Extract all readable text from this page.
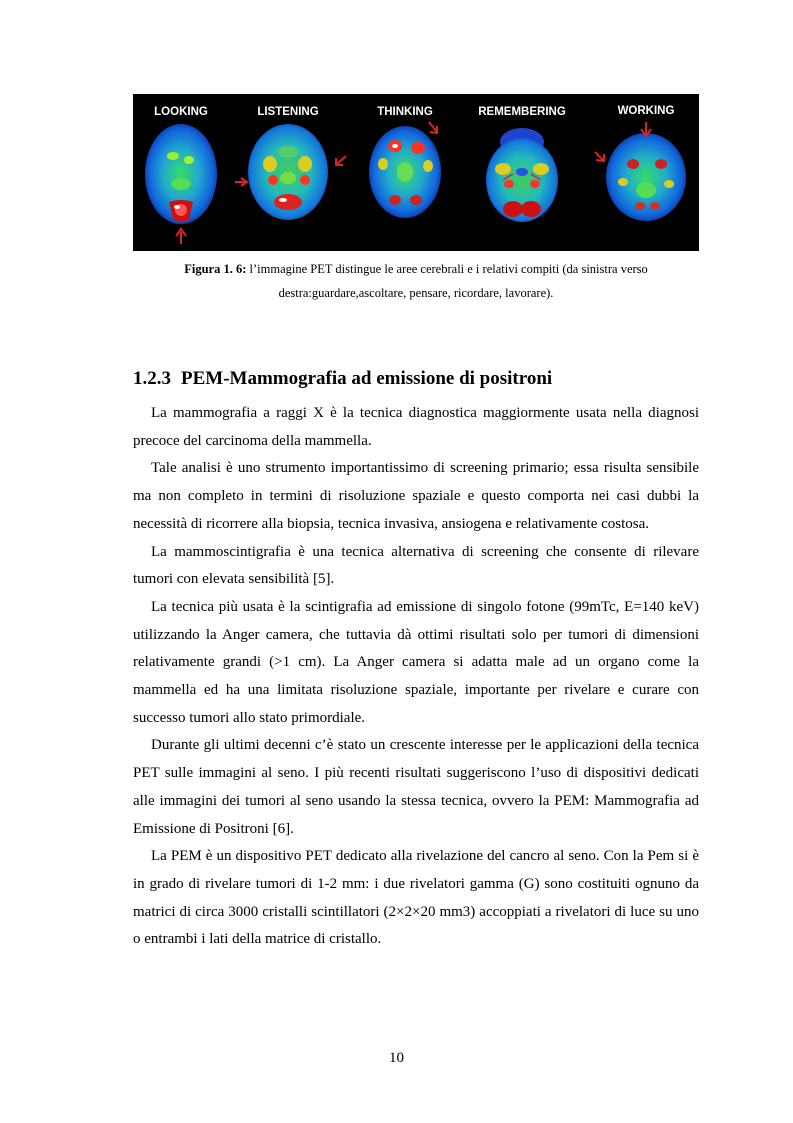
LOOKING	LISTENING	THINKING	REMEMBERING	WORKING
Figura 1. 6: l’immagine PET distingue le aree cerebrali e i relativi compiti (da sinistra verso
destra:guardare,ascoltare, pensare, ricordare, lavorare).
1.2.3 PEM-Mammografia ad emissione di positroni

La mammografia a raggi X è la tecnica diagnostica maggiormente usata nella diagnosi precoce del carcinoma della mammella.

Tale analisi è uno strumento importantissimo di screening primario; essa risulta sensibile ma non completo in termini di risoluzione spaziale e questo comporta nei casi dubbi la necessità di ricorrere alla biopsia, tecnica invasiva, ansiogena e relativamente costosa.

La mammoscintigrafia è una tecnica alternativa di screening che consente di rilevare tumori con elevata sensibilità [5].

La tecnica più usata è la scintigrafia ad emissione di singolo fotone (99mTc, E=140 keV) utilizzando la Anger camera, che tuttavia dà ottimi risultati solo per tumori di dimensioni relativamente grandi (>1 cm). La Anger camera si adatta male ad un organo come la mammella ed ha una limitata risoluzione spaziale, importante per rivelare e curare con successo tumori allo stato primordiale.

Durante gli ultimi decenni c’è stato un crescente interesse per le applicazioni della tecnica PET sulle immagini al seno. I più recenti risultati suggeriscono l’uso di dispositivi dedicati alle immagini dei tumori al seno usando la stessa tecnica, ovvero la PEM: Mammografia ad Emissione di Positroni [6].

La PEM è un dispositivo PET dedicato alla rivelazione del cancro al seno. Con la Pem si è in grado di rivelare tumori di 1-2 mm: i due rivelatori gamma (G) sono costituiti ognuno da matrici di circa 3000 cristalli scintillatori (2×2×20 mm3) accoppiati a rivelatori di luce su uno o entrambi i lati della matrice di cristallo.

10
